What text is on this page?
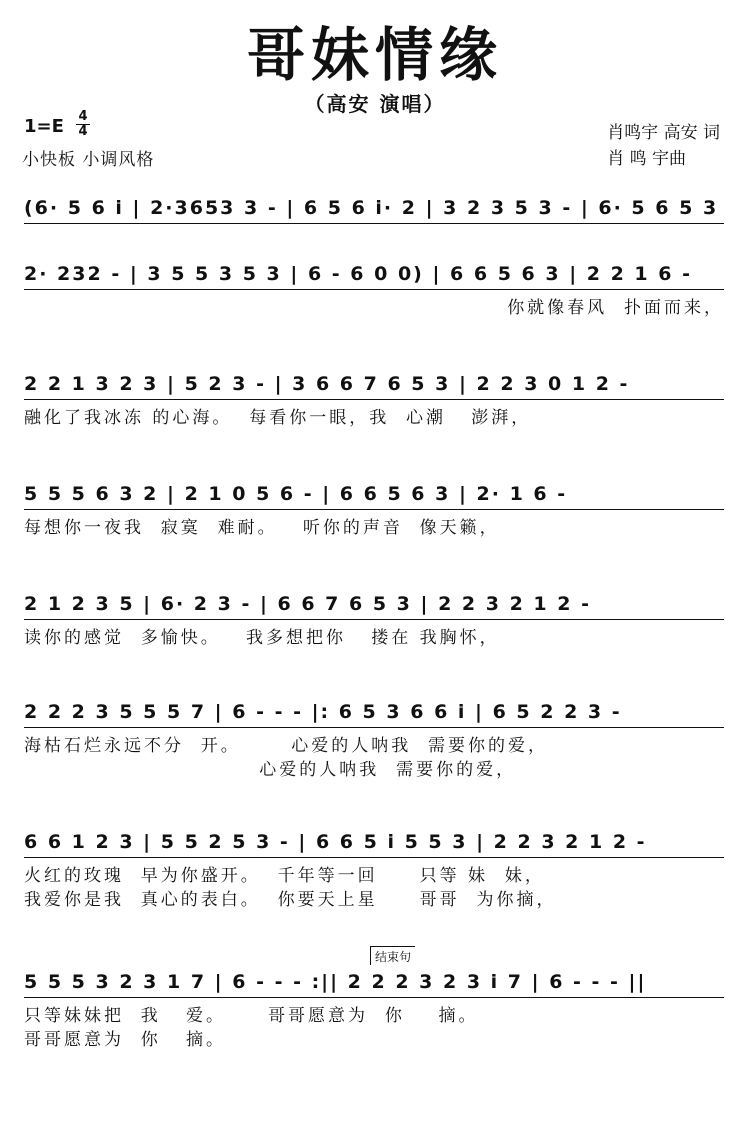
哥妹情缘
（高安 演唱）
1=E 4
4
小快板 小调风格
肖鸣宇 高安 词
肖 鸣 宇曲
(6· 5 6 i | 2·3653 3 - | 6 5 6 i· 2 | 3 2 3 5 3 - | 6· 5 6 5 3
2· 232 - | 3 5 5 3 5 3 | 6 - 6 0 0) | 6 6 5 6 3 | 2 2 1 6 -
你就像春风  扑面而来，
2 2 1 3 2 3 | 5 2 3 - | 3 6 6 7 6 5 3 | 2 2 3 0 1 2 -
融化了我冰冻 的心海。  每看你一眼，我  心潮   澎湃，
5 5 5 6 3 2 | 2 1 0 5 6 - | 6 6 5 6 3 | 2· 1 6 -
每想你一夜我  寂寞  难耐。   听你的声音  像天籁，
2 1 2 3 5 | 6· 2 3 - | 6 6 7 6 5 3 | 2 2 3 2 1 2 -
读你的感觉  多愉快。   我多想把你   搂在 我胸怀，
2 2 2 3 5 5 5 7 | 6 - - - |: 6 5 3 6 6 i | 6 5 2 2 3 -
海枯石烂永远不分  开。      心爱的人呐我  需要你的爱，
心爱的人呐我  需要你的爱，
6 6 1 2 3 | 5 5 2 5 3 - | 6 6 5 i 5 5 3 | 2 2 3 2 1 2 -
火红的玫瑰  早为你盛开。  千年等一回     只等 妹  妹，
我爱你是我  真心的表白。  你要天上星     哥哥  为你摘，
结束句
5 5 5 3 2 3 1 7 | 6 - - - :|| 2 2 2 3 2 3 i 7 | 6 - - - ||
只等妹妹把  我   爱。     哥哥愿意为  你    摘。
哥哥愿意为  你   摘。
